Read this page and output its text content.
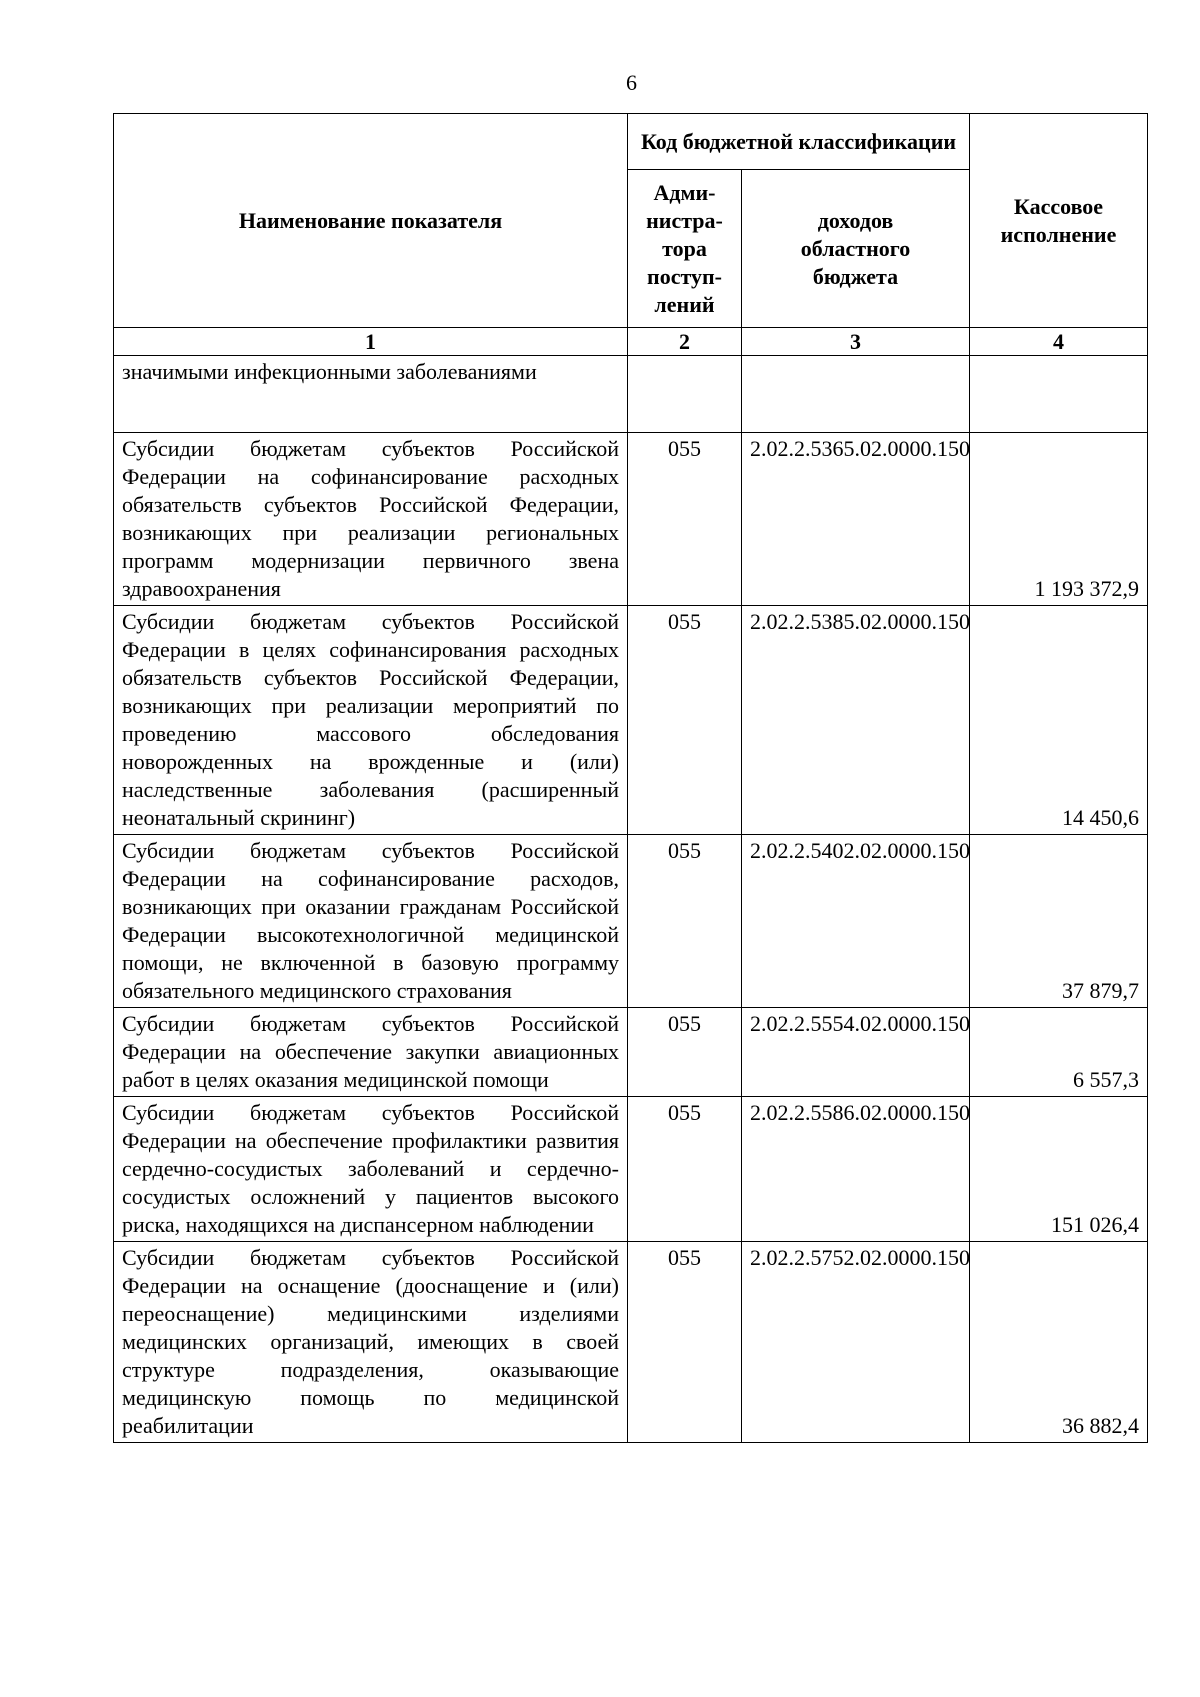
6
Наименование показателя	Код бюджетной классификации		Кассовое исполнение
	Адми-нистра-тора поступ-лений	доходов областного бюджета	
1	2	3	4
значимыми инфекционными заболеваниями			
Субсидии бюджетам субъектов Российской Федерации на софинансирование расходных обязательств субъектов Российской Федерации, возникающих при реализации региональных программ модернизации первичного звена здравоохранения	055	2.02.2.5365.02.0000.150	1 193 372,9
Субсидии бюджетам субъектов Российской Федерации в целях софинансирования расходных обязательств субъектов Российской Федерации, возникающих при реализации мероприятий по проведению массового обследования новорожденных на врожденные и (или) наследственные заболевания (расширенный неонатальный скрининг)	055	2.02.2.5385.02.0000.150	14 450,6
Субсидии бюджетам субъектов Российской Федерации на софинансирование расходов, возникающих при оказании гражданам Российской Федерации высокотехнологичной медицинской помощи, не включенной в базовую программу обязательного медицинского страхования	055	2.02.2.5402.02.0000.150	37 879,7
Субсидии бюджетам субъектов Российской Федерации на обеспечение закупки авиационных работ в целях оказания медицинской помощи	055	2.02.2.5554.02.0000.150	6 557,3
Субсидии бюджетам субъектов Российской Федерации на обеспечение профилактики развития сердечно-сосудистых заболеваний и сердечно-сосудистых осложнений у пациентов высокого риска, находящихся на диспансерном наблюдении	055	2.02.2.5586.02.0000.150	151 026,4
Субсидии бюджетам субъектов Российской Федерации на оснащение (дооснащение и (или) переоснащение) медицинскими изделиями медицинских организаций, имеющих в своей структуре подразделения, оказывающие медицинскую помощь по медицинской реабилитации	055	2.02.2.5752.02.0000.150	36 882,4
